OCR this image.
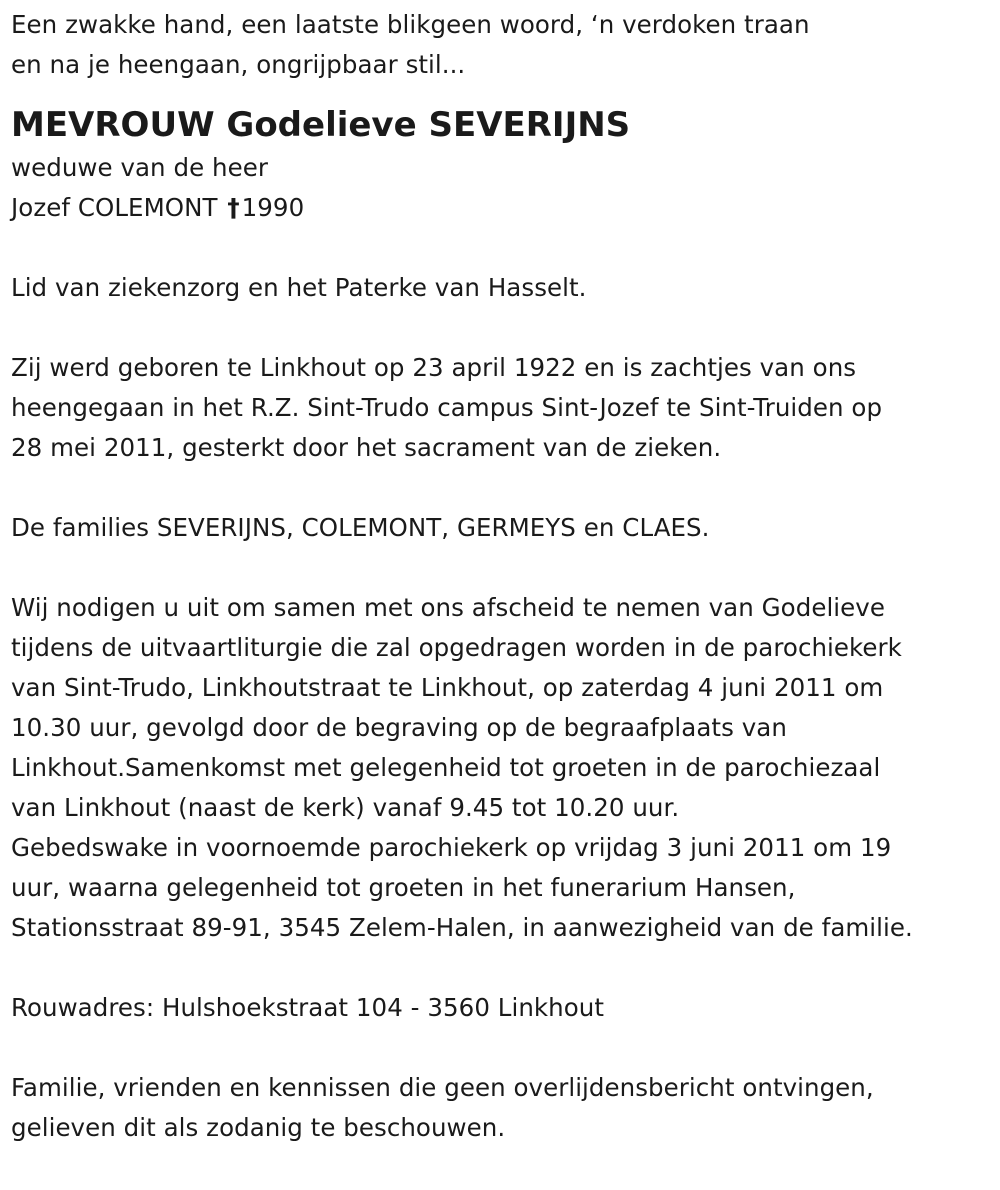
Een zwakke hand, een laatste blikgeen woord, ‘n verdoken traan

en na je heengaan, ongrijpbaar stil...

MEVROUW Godelieve SEVERIJNS

weduwe van de heer

Jozef COLEMONT †1990

Lid van ziekenzorg en het Paterke van Hasselt.

Zij werd geboren te Linkhout op 23 april 1922 en is zachtjes van ons

heengegaan in het R.Z. Sint-Trudo campus Sint-Jozef te Sint-Truiden op

28 mei 2011, gesterkt door het sacrament van de zieken.

De families SEVERIJNS, COLEMONT, GERMEYS en CLAES.

Wij nodigen u uit om samen met ons afscheid te nemen van Godelieve

tijdens de uitvaartliturgie die zal opgedragen worden in de parochiekerk

van Sint-Trudo, Linkhoutstraat te Linkhout, op zaterdag 4 juni 2011 om

10.30 uur, gevolgd door de begraving op de begraafplaats van

Linkhout.Samenkomst met gelegenheid tot groeten in de parochiezaal

van Linkhout (naast de kerk) vanaf 9.45 tot 10.20 uur.

Gebedswake in voornoemde parochiekerk op vrijdag 3 juni 2011 om 19

uur, waarna gelegenheid tot groeten in het funerarium Hansen,

Stationsstraat 89-91, 3545 Zelem-Halen, in aanwezigheid van de familie.

Rouwadres: Hulshoekstraat 104 - 3560 Linkhout

Familie, vrienden en kennissen die geen overlijdensbericht ontvingen,

gelieven dit als zodanig te beschouwen.
